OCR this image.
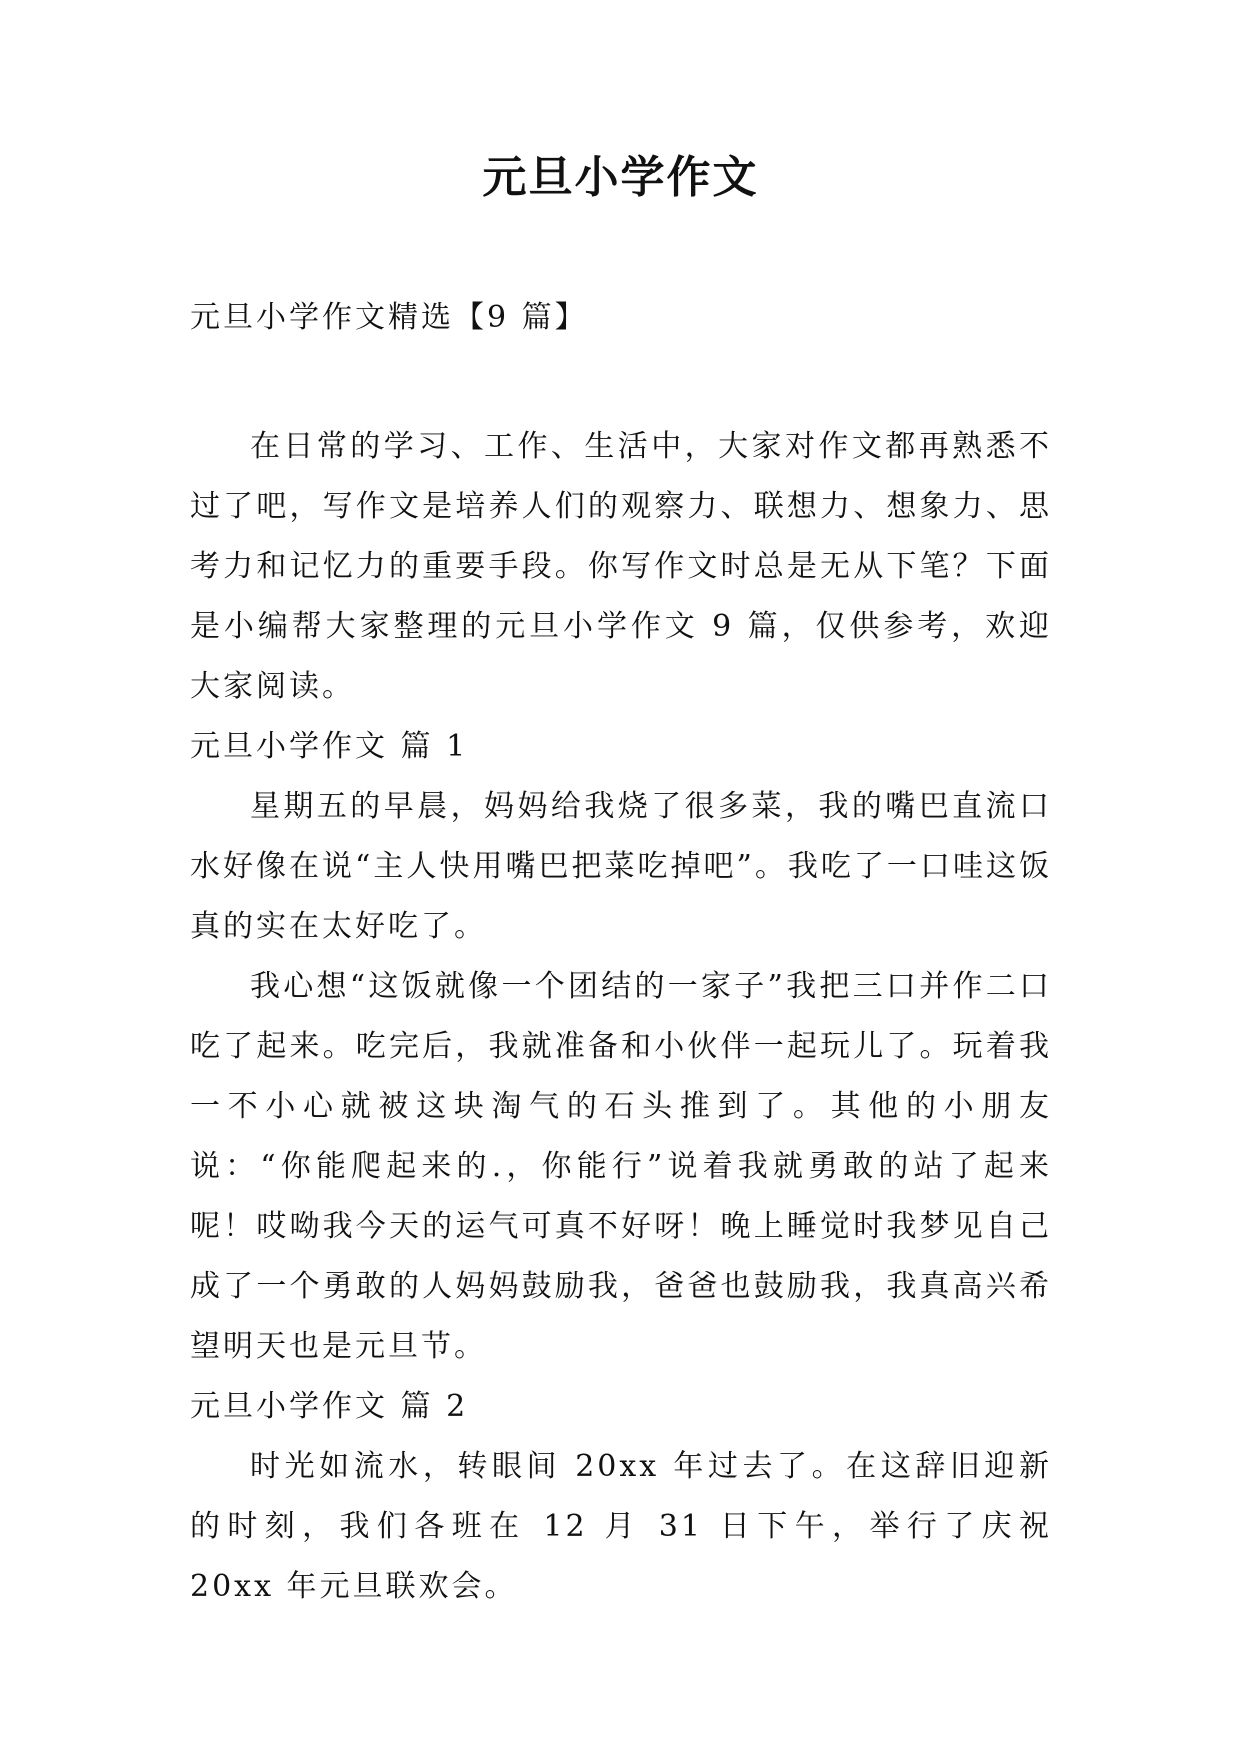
元旦小学作文
元旦小学作文精选【9 篇】

在日常的学习、工作、生活中，大家对作文都再熟悉不过了吧，写作文是培养人们的观察力、联想力、想象力、思考力和记忆力的重要手段。你写作文时总是无从下笔？下面是小编帮大家整理的元旦小学作文 9 篇，仅供参考，欢迎大家阅读。

元旦小学作文 篇 1

星期五的早晨，妈妈给我烧了很多菜，我的嘴巴直流口水好像在说“主人快用嘴巴把菜吃掉吧”。我吃了一口哇这饭真的实在太好吃了。

我心想“这饭就像一个团结的一家子”我把三口并作二口吃了起来。吃完后，我就准备和小伙伴一起玩儿了。玩着我一不小心就被这块淘气的石头推到了。其他的小朋友说：“你能爬起来的.，你能行”说着我就勇敢的站了起来呢！哎呦我今天的运气可真不好呀！晚上睡觉时我梦见自己成了一个勇敢的人妈妈鼓励我，爸爸也鼓励我，我真高兴希望明天也是元旦节。

元旦小学作文 篇 2

时光如流水，转眼间 20xx 年过去了。在这辞旧迎新的时刻，我们各班在 12 月 31 日下午，举行了庆祝 20xx 年元旦联欢会。
